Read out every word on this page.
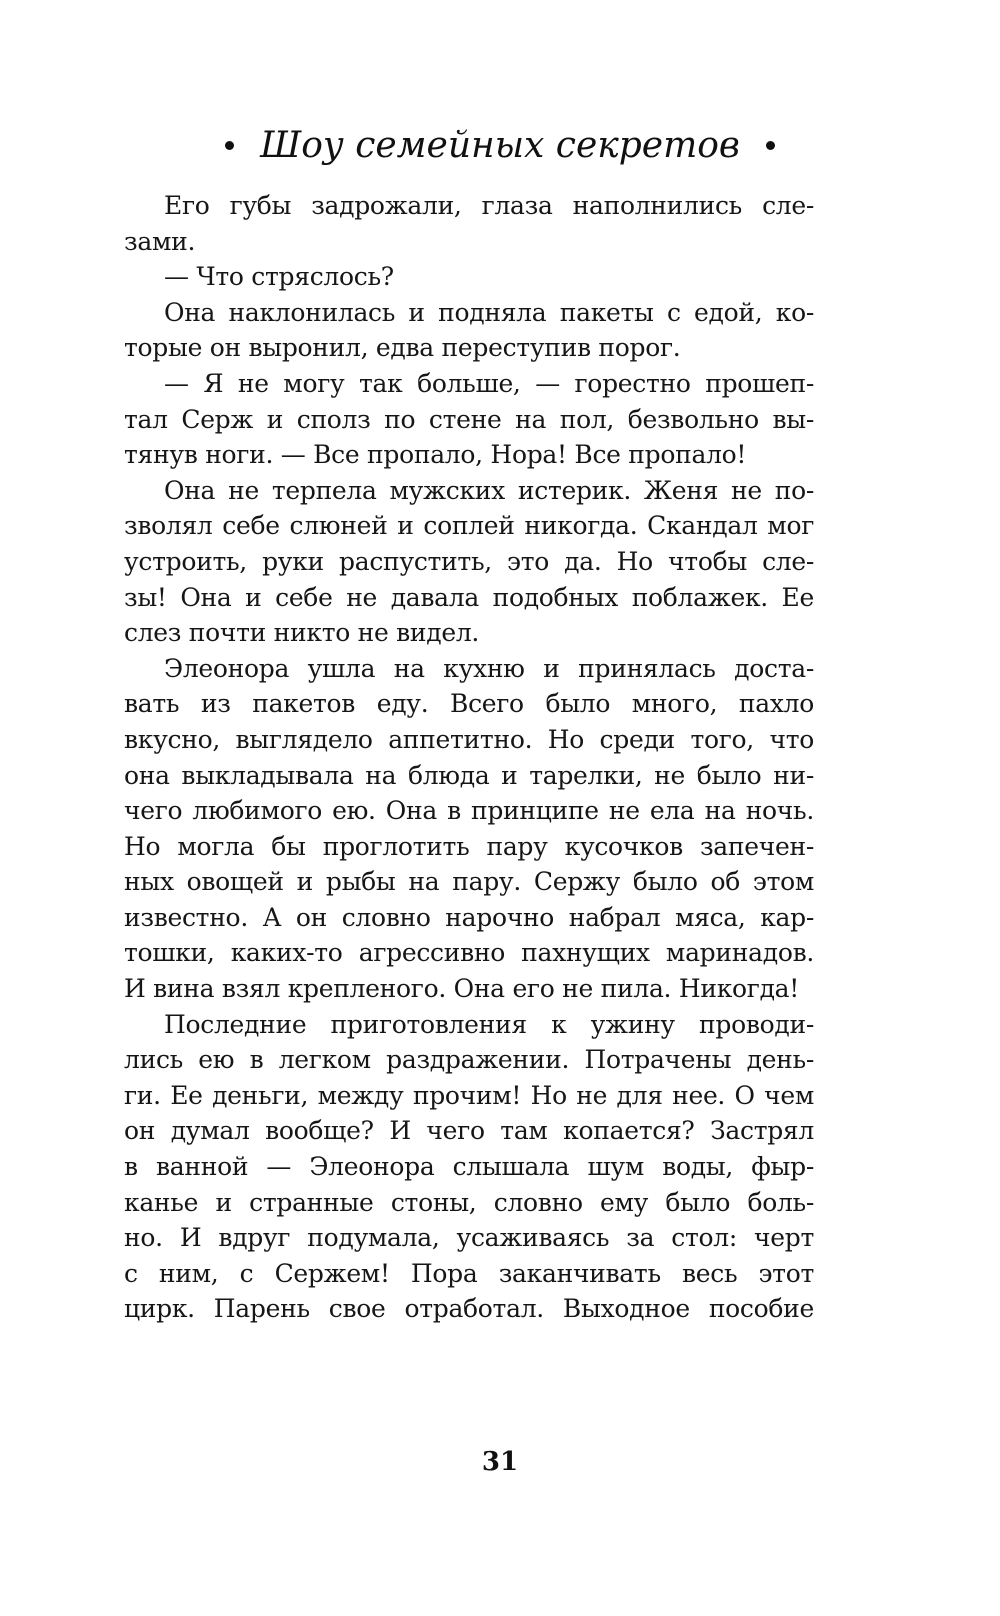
Шоу семейных секретов

Его губы задрожали, глаза наполнились сле-

зами.

— Что стряслось?

Она наклонилась и подняла пакеты с едой, ко-

торые он выронил, едва переступив порог.

— Я не могу так больше, — горестно прошеп-

тал Серж и сполз по стене на пол, безвольно вы-

тянув ноги. — Все пропало, Нора! Все пропало!

Она не терпела мужских истерик. Женя не по-

зволял себе слюней и соплей никогда. Скандал мог

устроить, руки распустить, это да. Но чтобы сле-

зы! Она и себе не давала подобных поблажек. Ее

слез почти никто не видел.

Элеонора ушла на кухню и принялась доста-

вать из пакетов еду. Всего было много, пахло

вкусно, выглядело аппетитно. Но среди того, что

она выкладывала на блюда и тарелки, не было ни-

чего любимого ею. Она в принципе не ела на ночь.

Но могла бы проглотить пару кусочков запечен-

ных овощей и рыбы на пару. Сержу было об этом

известно. А он словно нарочно набрал мяса, кар-

тошки, каких-то агрессивно пахнущих маринадов.

И вина взял крепленого. Она его не пила. Никогда!

Последние приготовления к ужину проводи-

лись ею в легком раздражении. Потрачены день-

ги. Ее деньги, между прочим! Но не для нее. О чем

он думал вообще? И чего там копается? Застрял

в ванной — Элеонора слышала шум воды, фыр-

канье и странные стоны, словно ему было боль-

но. И вдруг подумала, усаживаясь за стол: черт

с ним, с Сержем! Пора заканчивать весь этот

цирк. Парень свое отработал. Выходное пособие

31
